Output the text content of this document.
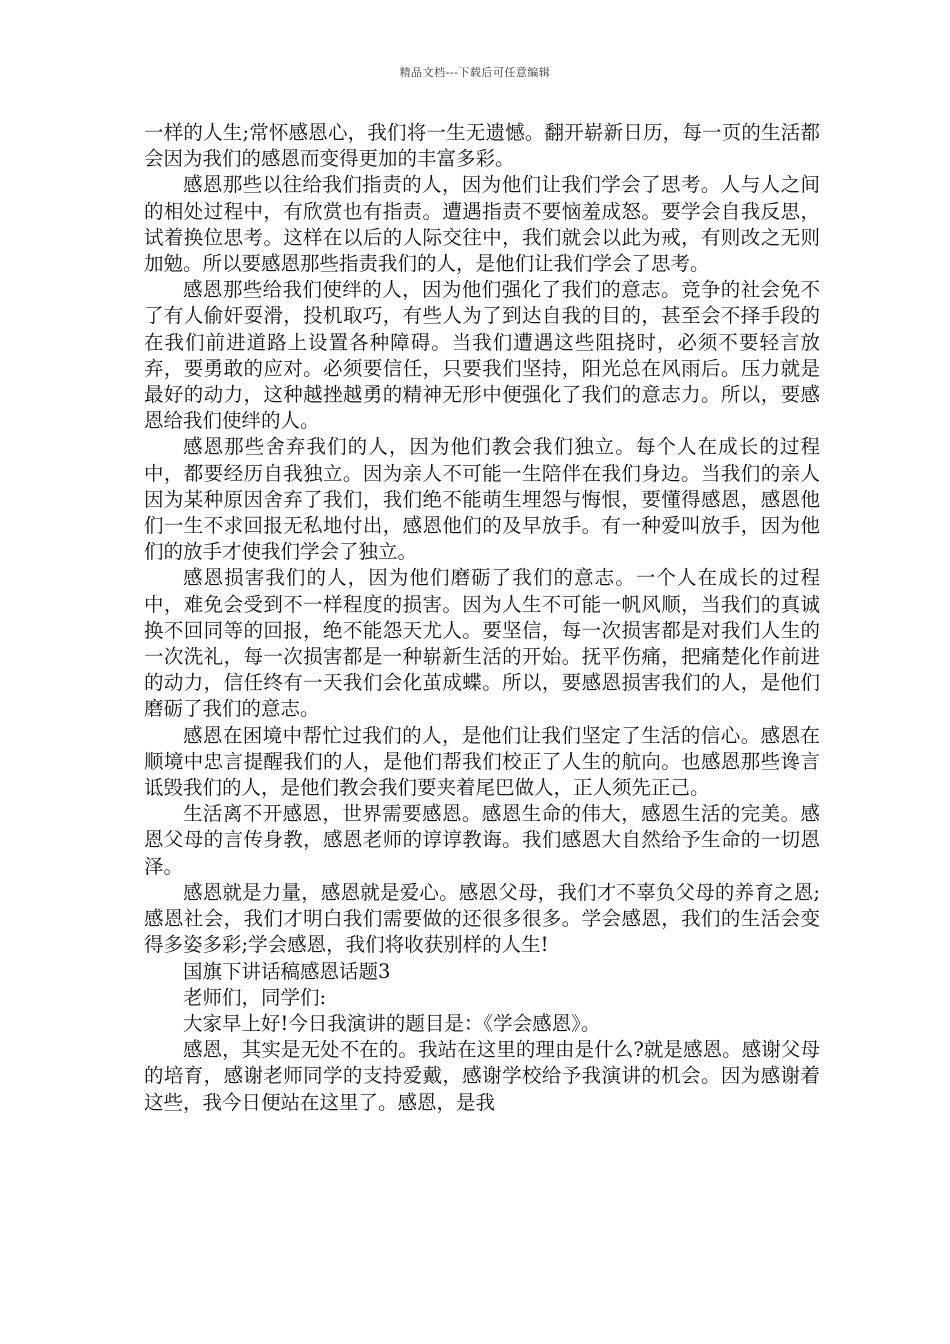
精品文档---下载后可任意编辑

一样的人生;常怀感恩心，我们将一生无遗憾。翻开崭新日历，每一页的生活都会因为我们的感恩而变得更加的丰富多彩。

感恩那些以往给我们指责的人，因为他们让我们学会了思考。人与人之间的相处过程中，有欣赏也有指责。遭遇指责不要恼羞成怒。要学会自我反思，试着换位思考。这样在以后的人际交往中，我们就会以此为戒，有则改之无则加勉。所以要感恩那些指责我们的人，是他们让我们学会了思考。

感恩那些给我们使绊的人，因为他们强化了我们的意志。竞争的社会免不了有人偷奸耍滑，投机取巧，有些人为了到达自我的目的，甚至会不择手段的在我们前进道路上设置各种障碍。当我们遭遇这些阻挠时，必须不要轻言放弃，要勇敢的应对。必须要信任，只要我们坚持，阳光总在风雨后。压力就是最好的动力，这种越挫越勇的精神无形中便强化了我们的意志力。所以，要感恩给我们使绊的人。

感恩那些舍弃我们的人，因为他们教会我们独立。每个人在成长的过程中，都要经历自我独立。因为亲人不可能一生陪伴在我们身边。当我们的亲人因为某种原因舍弃了我们，我们绝不能萌生埋怨与悔恨，要懂得感恩，感恩他们一生不求回报无私地付出，感恩他们的及早放手。有一种爱叫放手，因为他们的放手才使我们学会了独立。

感恩损害我们的人，因为他们磨砺了我们的意志。一个人在成长的过程中，难免会受到不一样程度的损害。因为人生不可能一帆风顺，当我们的真诚换不回同等的回报，绝不能怨天尤人。要坚信，每一次损害都是对我们人生的一次洗礼，每一次损害都是一种崭新生活的开始。抚平伤痛，把痛楚化作前进的动力，信任终有一天我们会化茧成蝶。所以，要感恩损害我们的人，是他们磨砺了我们的意志。

感恩在困境中帮忙过我们的人，是他们让我们坚定了生活的信心。感恩在顺境中忠言提醒我们的人，是他们帮我们校正了人生的航向。也感恩那些谗言诋毁我们的人，是他们教会我们要夹着尾巴做人，正人须先正己。

生活离不开感恩，世界需要感恩。感恩生命的伟大，感恩生活的完美。感恩父母的言传身教，感恩老师的谆谆教诲。我们感恩大自然给予生命的一切恩泽。

感恩就是力量，感恩就是爱心。感恩父母，我们才不辜负父母的养育之恩;感恩社会，我们才明白我们需要做的还很多很多。学会感恩，我们的生活会变得多姿多彩;学会感恩，我们将收获别样的人生!

国旗下讲话稿感恩话题3

老师们，同学们:

大家早上好!今日我演讲的题目是：《学会感恩》。

感恩，其实是无处不在的。我站在这里的理由是什么?就是感恩。感谢父母的培育，感谢老师同学的支持爱戴，感谢学校给予我演讲的机会。因为感谢着这些，我今日便站在这里了。感恩，是我
